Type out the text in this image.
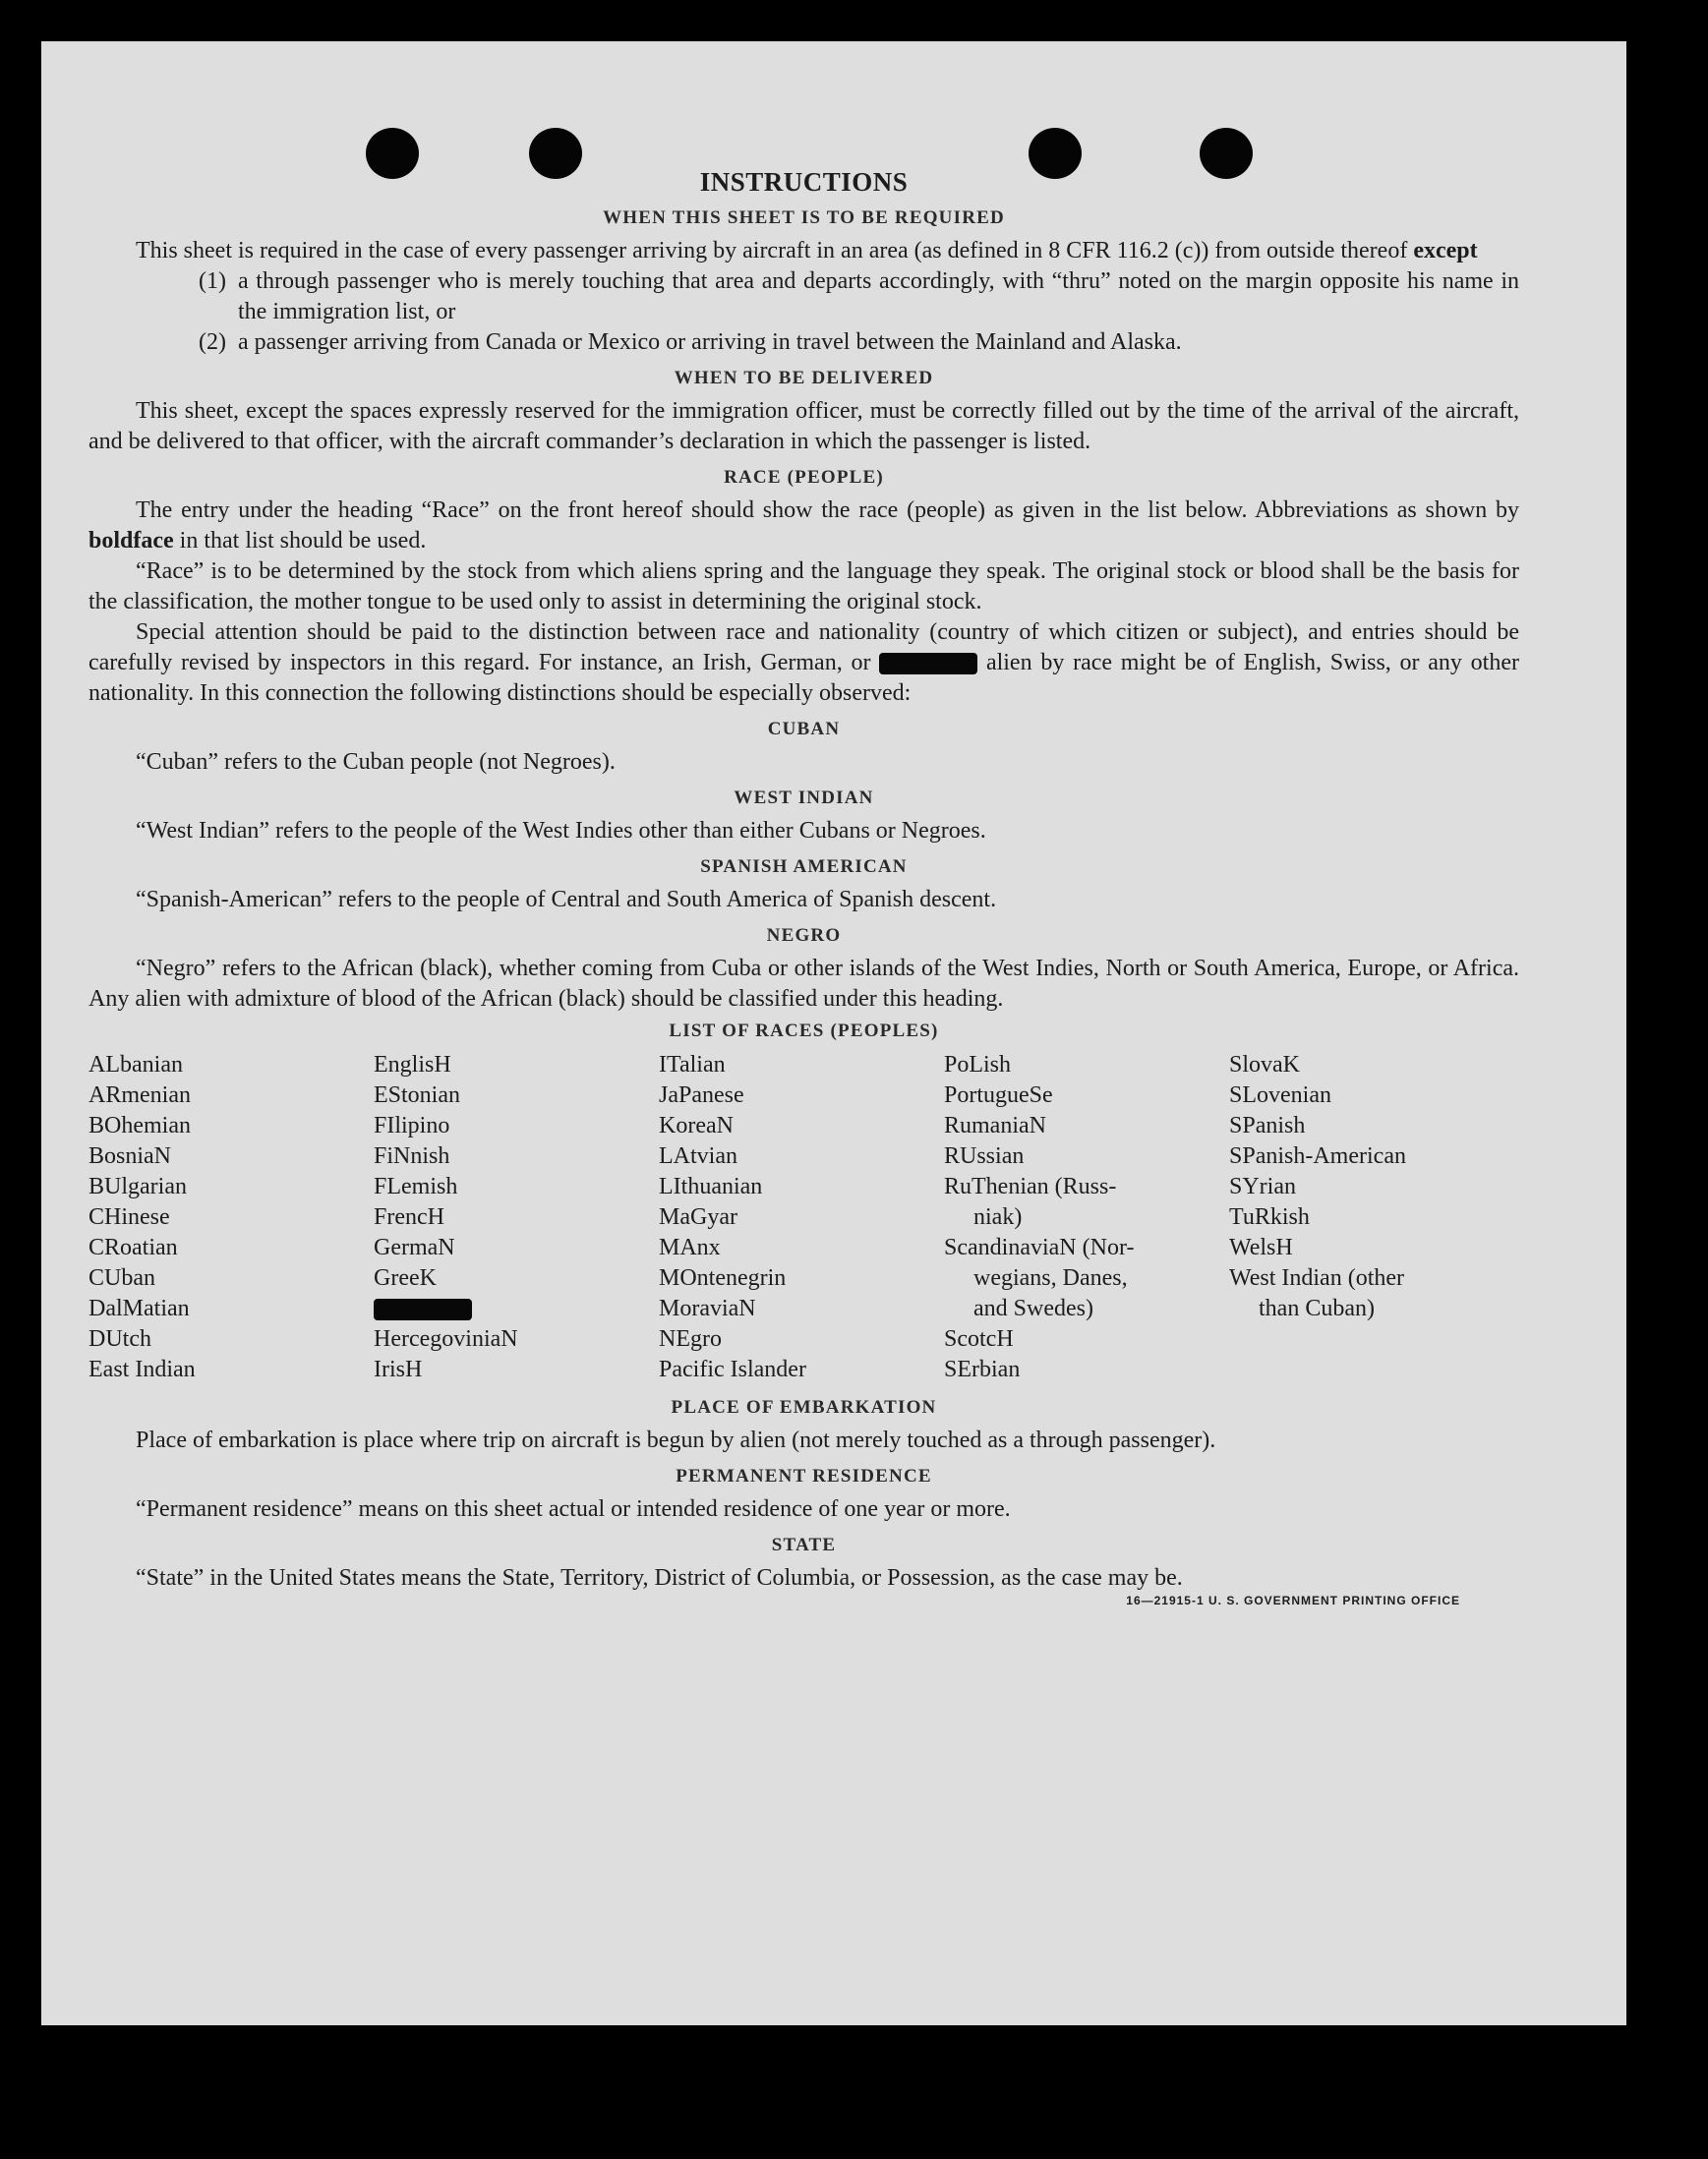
INSTRUCTIONS
WHEN THIS SHEET IS TO BE REQUIRED

This sheet is required in the case of every passenger arriving by aircraft in an area (as defined in 8 CFR 116.2 (c)) from outside thereof except

(1) a through passenger who is merely touching that area and departs accordingly, with “thru” noted on the margin opposite his name in the immigration list, or
(2) a passenger arriving from Canada or Mexico or arriving in travel between the Mainland and Alaska.
WHEN TO BE DELIVERED

This sheet, except the spaces expressly reserved for the immigration officer, must be correctly filled out by the time of the arrival of the aircraft, and be delivered to that officer, with the aircraft commander’s declaration in which the passenger is listed.

RACE (PEOPLE)

The entry under the heading “Race” on the front hereof should show the race (people) as given in the list below. Abbreviations as shown by boldface in that list should be used.

“Race” is to be determined by the stock from which aliens spring and the language they speak. The original stock or blood shall be the basis for the classification, the mother tongue to be used only to assist in determining the original stock.

Special attention should be paid to the distinction between race and nationality (country of which citizen or subject), and entries should be carefully revised by inspectors in this regard. For instance, an Irish, German, or	alien by race might be of English, Swiss, or any other nationality. In this connection the following distinctions should be especially observed:

CUBAN

“Cuban” refers to the Cuban people (not Negroes).

WEST INDIAN

“West Indian” refers to the people of the West Indies other than either Cubans or Negroes.

SPANISH AMERICAN

“Spanish-American” refers to the people of Central and South America of Spanish descent.

NEGRO

“Negro” refers to the African (black), whether coming from Cuba or other islands of the West Indies, North or South America, Europe, or Africa. Any alien with admixture of blood of the African (black) should be classified under this heading.

LIST OF RACES (PEOPLES)
ALbanian
ARmenian
BOhemian
BosniaN
BUlgarian
CHinese
CRoatian
CUban
DalMatian
DUtch
East Indian
EnglisH
EStonian
FIlipino
FiNnish
FLemish
FrencH
GermaN
GreeK
HercegoviniaN
IrisH
ITalian
JaPanese
KoreaN
LAtvian
LIthuanian
MaGyar
MAnx
MOntenegrin
MoraviaN
NEgro
Pacific Islander
PoLish
PortugueSe
RumaniaN
RUssian
RuThenian (Russ-
niak)
ScandinaviaN (Nor-
wegians, Danes,
and Swedes)
ScotcH
SErbian
SlovaK
SLovenian
SPanish
SPanish-American
SYrian
TuRkish
WelsH
West Indian (other
than Cuban)
PLACE OF EMBARKATION

Place of embarkation is place where trip on aircraft is begun by alien (not merely touched as a through passenger).

PERMANENT RESIDENCE

“Permanent residence” means on this sheet actual or intended residence of one year or more.

STATE

“State” in the United States means the State, Territory, District of Columbia, or Possession, as the case may be.

16—21915-1 U. S. GOVERNMENT PRINTING OFFICE
